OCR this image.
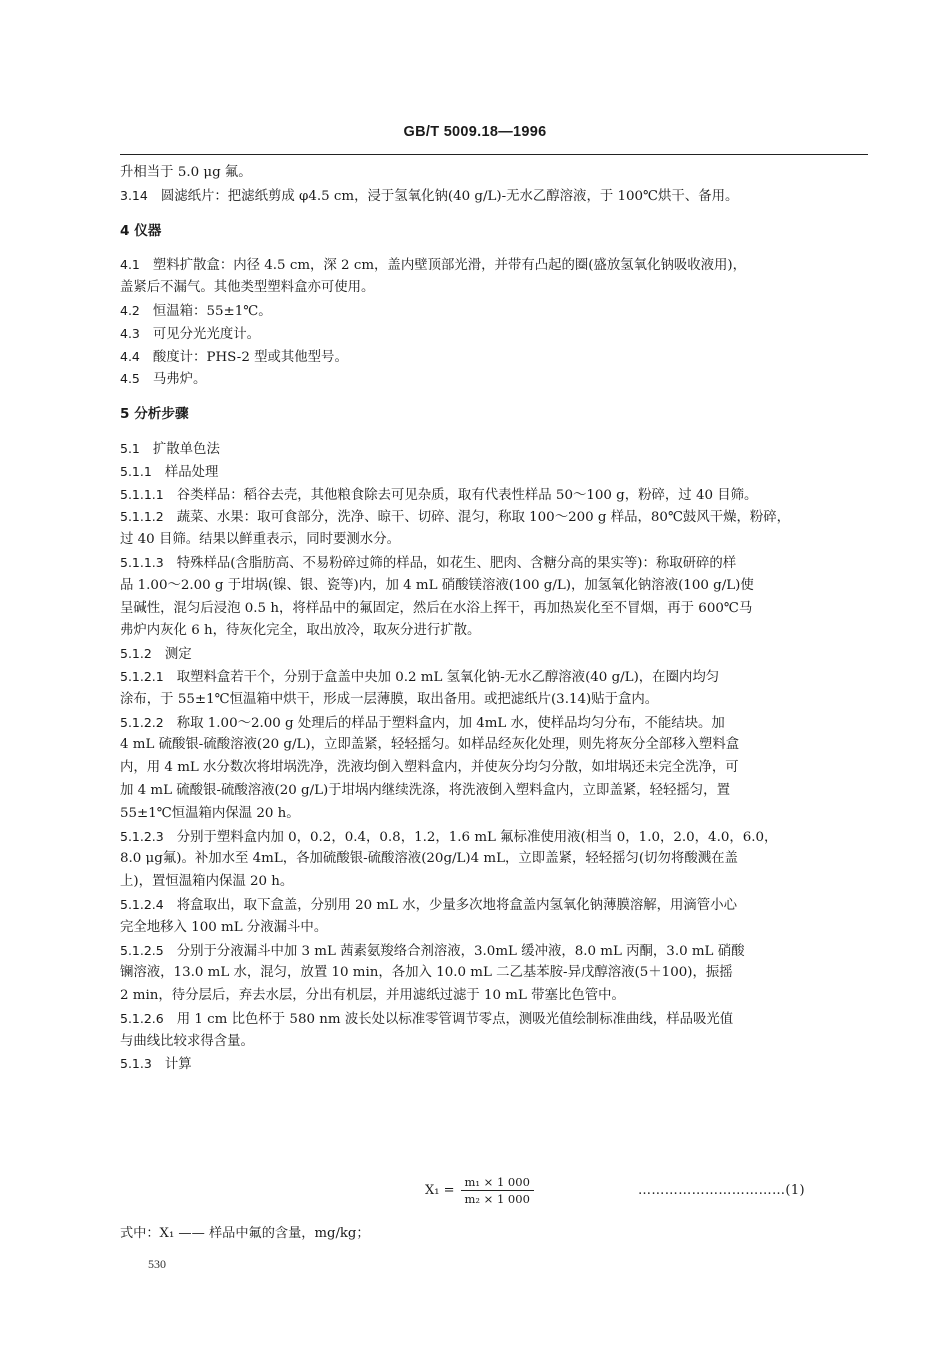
GB/T 5009.18—1996
升相当于 5.0 μg 氟。
3.14 圆滤纸片：把滤纸剪成 φ4.5 cm，浸于氢氧化钠(40 g/L)-无水乙醇溶液，于 100℃烘干、备用。
4 仪器
4.1 塑料扩散盒：内径 4.5 cm，深 2 cm，盖内壁顶部光滑，并带有凸起的圈(盛放氢氧化钠吸收液用)，
盖紧后不漏气。其他类型塑料盒亦可使用。
4.2 恒温箱：55±1℃。
4.3 可见分光光度计。
4.4 酸度计：PHS-2 型或其他型号。
4.5 马弗炉。
5 分析步骤
5.1 扩散单色法
5.1.1 样品处理
5.1.1.1 谷类样品：稻谷去壳，其他粮食除去可见杂质，取有代表性样品 50～100 g，粉碎，过 40 目筛。
5.1.1.2 蔬菜、水果：取可食部分，洗净、晾干、切碎、混匀，称取 100～200 g 样品，80℃鼓风干燥，粉碎，
过 40 目筛。结果以鲜重表示，同时要测水分。
5.1.1.3 特殊样品(含脂肪高、不易粉碎过筛的样品，如花生、肥肉、含糖分高的果实等)：称取研碎的样
品 1.00～2.00 g 于坩埚(镍、银、瓷等)内，加 4 mL 硝酸镁溶液(100 g/L)，加氢氧化钠溶液(100 g/L)使
呈碱性，混匀后浸泡 0.5 h，将样品中的氟固定，然后在水浴上挥干，再加热炭化至不冒烟，再于 600℃马
弗炉内灰化 6 h，待灰化完全，取出放冷，取灰分进行扩散。
5.1.2 测定
5.1.2.1 取塑料盒若干个，分别于盒盖中央加 0.2 mL 氢氧化钠-无水乙醇溶液(40 g/L)，在圈内均匀
涂布，于 55±1℃恒温箱中烘干，形成一层薄膜，取出备用。或把滤纸片(3.14)贴于盒内。
5.1.2.2 称取 1.00～2.00 g 处理后的样品于塑料盒内，加 4mL 水，使样品均匀分布，不能结块。加
4 mL 硫酸银-硫酸溶液(20 g/L)，立即盖紧，轻轻摇匀。如样品经灰化处理，则先将灰分全部移入塑料盒
内，用 4 mL 水分数次将坩埚洗净，洗液均倒入塑料盒内，并使灰分均匀分散，如坩埚还未完全洗净，可
加 4 mL 硫酸银-硫酸溶液(20 g/L)于坩埚内继续洗涤，将洗液倒入塑料盒内，立即盖紧，轻轻摇匀，置
55±1℃恒温箱内保温 20 h。
5.1.2.3 分别于塑料盒内加 0，0.2，0.4，0.8，1.2，1.6 mL 氟标准使用液(相当 0，1.0，2.0，4.0，6.0，
8.0 μg氟)。补加水至 4mL，各加硫酸银-硫酸溶液(20g/L)4 mL，立即盖紧，轻轻摇匀(切勿将酸溅在盖
上)，置恒温箱内保温 20 h。
5.1.2.4 将盒取出，取下盒盖，分别用 20 mL 水，少量多次地将盒盖内氢氧化钠薄膜溶解，用滴管小心
完全地移入 100 mL 分液漏斗中。
5.1.2.5 分别于分液漏斗中加 3 mL 茜素氨羧络合剂溶液，3.0mL 缓冲液，8.0 mL 丙酮，3.0 mL 硝酸
镧溶液，13.0 mL 水，混匀，放置 10 min，各加入 10.0 mL 二乙基苯胺-异戊醇溶液(5＋100)，振摇
2 min，待分层后，弃去水层，分出有机层，并用滤纸过滤于 10 mL 带塞比色管中。
5.1.2.6 用 1 cm 比色杯于 580 nm 波长处以标准零管调节零点，测吸光值绘制标准曲线，样品吸光值
与曲线比较求得含量。
5.1.3 计算
$X_1 = \frac{\text{m₁ × 1 000}}{\text{m₂ × 1 000}}$	……………………………(1)
式中：X₁ —— 样品中氟的含量，mg/kg；
530
